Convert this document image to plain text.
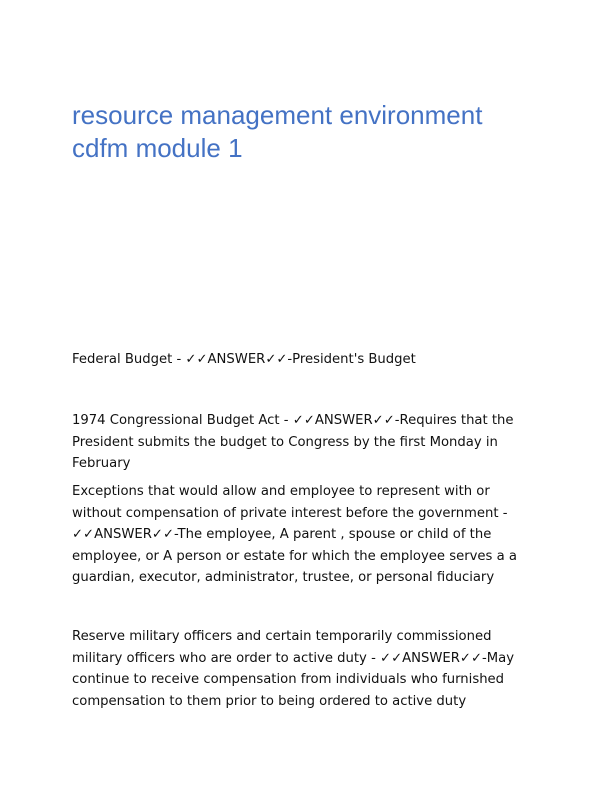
resource management environment
cdfm module 1

Federal Budget - ✓✓ANSWER✓✓-President's Budget

1974 Congressional Budget Act - ✓✓ANSWER✓✓-Requires that the President submits the budget to Congress by the first Monday in February

Exceptions that would allow and employee to represent with or without compensation of private interest before the government - ✓✓ANSWER✓✓-The employee, A parent , spouse or child of the employee, or A person or estate for which the employee serves a a guardian, executor, administrator, trustee, or personal fiduciary

Reserve military officers and certain temporarily commissioned military officers who are order to active duty - ✓✓ANSWER✓✓-May continue to receive compensation from individuals who furnished compensation to them prior to being ordered to active duty
